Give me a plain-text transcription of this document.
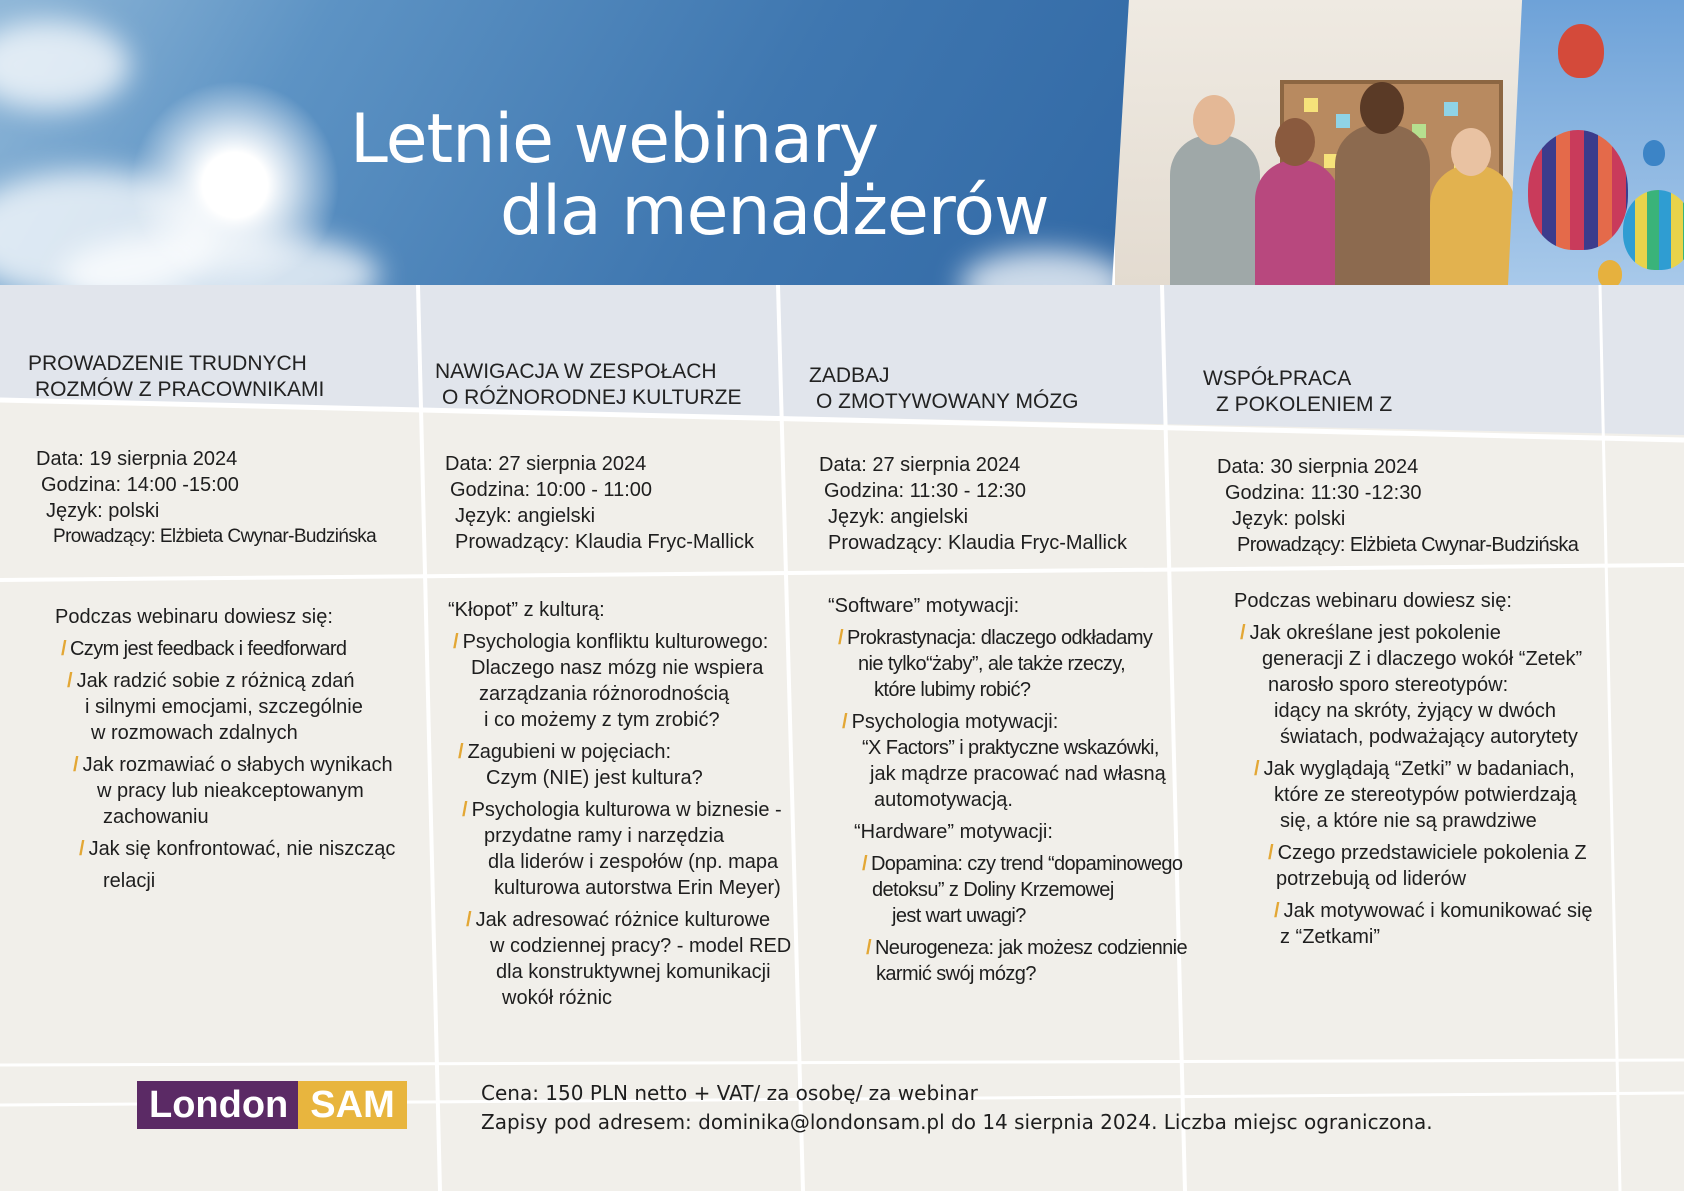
Letnie webinary
dla menadżerów
PROWADZENIE TRUDNYCH
ROZMÓW Z PRACOWNIKAMI
Data: 19 sierpnia 2024
Godzina: 14:00 -15:00
Język: polski
Prowadzący: Elżbieta Cwynar-Budzińska
Podczas webinaru dowiesz się:
/ Czym jest feedback i feedforward
/ Jak radzić sobie z różnicą zdań
i silnymi emocjami, szczególnie
w rozmowach zdalnych
/ Jak rozmawiać o słabych wynikach
w pracy lub nieakceptowanym
zachowaniu
/ Jak się konfrontować, nie niszcząc
relacji
NAWIGACJA W ZESPOŁACH
O RÓŻNORODNEJ KULTURZE
Data: 27 sierpnia 2024
Godzina: 10:00 - 11:00
Język: angielski
Prowadzący: Klaudia Fryc-Mallick
“Kłopot” z kulturą:
/ Psychologia konfliktu kulturowego:
Dlaczego nasz mózg nie wspiera
zarządzania różnorodnością
i co możemy z tym zrobić?
/ Zagubieni w pojęciach:
Czym (NIE) jest kultura?
/ Psychologia kulturowa w biznesie -
przydatne ramy i narzędzia
dla liderów i zespołów (np. mapa
kulturowa autorstwa Erin Meyer)
/ Jak adresować różnice kulturowe
w codziennej pracy? - model RED
dla konstruktywnej komunikacji
wokół różnic
ZADBAJ
O ZMOTYWOWANY MÓZG
Data: 27 sierpnia 2024
Godzina: 11:30 - 12:30
Język: angielski
Prowadzący: Klaudia Fryc-Mallick
“Software” motywacji:
/ Prokrastynacja: dlaczego odkładamy
nie tylko“żaby”, ale także rzeczy,
które lubimy robić?
/ Psychologia motywacji:
“X Factors” i praktyczne wskazówki,
jak mądrze pracować nad własną
automotywacją.
“Hardware” motywacji:
/ Dopamina: czy trend “dopaminowego
detoksu” z Doliny Krzemowej
jest wart uwagi?
/ Neurogeneza: jak możesz codziennie
karmić swój mózg?
WSPÓŁPRACA
Z POKOLENIEM Z
Data: 30 sierpnia 2024
Godzina: 11:30 -12:30
Język: polski
Prowadzący: Elżbieta Cwynar-Budzińska
Podczas webinaru dowiesz się:
/ Jak określane jest pokolenie
generacji Z i dlaczego wokół “Zetek”
narosło sporo stereotypów:
idący na skróty, żyjący w dwóch
światach, podważający autorytety
/ Jak wyglądają “Zetki” w badaniach,
które ze stereotypów potwierdzają
się, a które nie są prawdziwe
/ Czego przedstawiciele pokolenia Z
potrzebują od liderów
/ Jak motywować i komunikować się
z “Zetkami”
London SAM	Cena: 150 PLN netto + VAT/ za osobę/ za webinar
Zapisy pod adresem: dominika@londonsam.pl do 14 sierpnia 2024. Liczba miejsc ograniczona.
